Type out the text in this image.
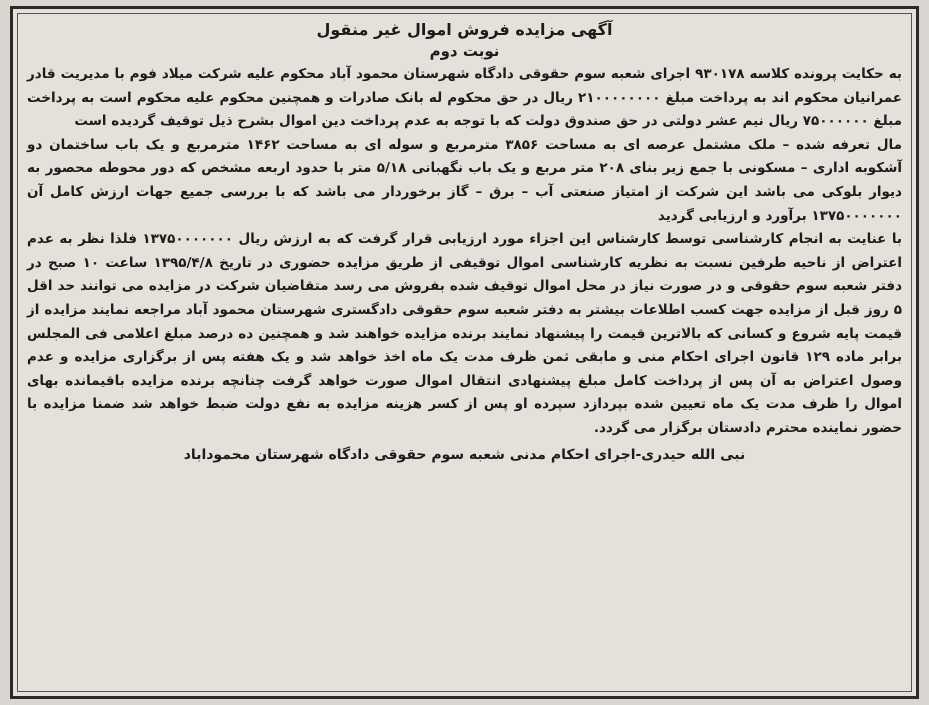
آگهی مزایده فروش اموال غیر منقول
نوبت دوم

به حکایت پرونده کلاسه ۹۳۰۱۷۸ اجرای شعبه سوم حقوقی دادگاه شهرستان محمود آباد محکوم علیه شرکت میلاد فوم با مدیریت قادر عمرانیان محکوم اند به پرداخت مبلغ ۲۱۰۰۰۰۰۰۰۰ ریال در حق محکوم له بانک صادرات و همچنین محکوم علیه محکوم است به پرداخت مبلغ ۷۵۰۰۰۰۰۰ ریال نیم عشر دولتی در حق صندوق دولت که با توجه به عدم پرداخت دین اموال بشرح ذیل توقیف گردیده است

مال تعرفه شده – ملک مشتمل عرصه ای به مساحت ۳۸۵۶ مترمربع و سوله ای به مساحت ۱۴۶۲ مترمربع و یک باب ساختمان دو آشکوبه اداری – مسکونی با جمع زیر بنای ۲۰۸ متر مربع و یک باب نگهبانی ۵/۱۸ متر با حدود اربعه مشخص که دور محوطه محصور به دیوار بلوکی می باشد این شرکت از امتیاز صنعتی آب – برق – گاز برخوردار می باشد که با بررسی جمیع جهات ارزش کامل آن ۱۳۷۵۰۰۰۰۰۰۰ برآورد و ارزیابی گردید

با عنایت به انجام کارشناسی توسط کارشناس این اجزاء مورد ارزیابی قرار گرفت که به ارزش ریال ۱۳۷۵۰۰۰۰۰۰۰ فلذا نظر به عدم اعتراض از ناحیه طرفین نسبت به نظریه کارشناسی اموال توقیفی از طریق مزایده حضوری در تاریخ ۱۳۹۵/۴/۸ ساعت ۱۰ صبح در دفتر شعبه سوم حقوقی و در صورت نیاز در محل اموال توقیف شده بفروش می رسد متقاضیان شرکت در مزایده می توانند حد اقل ۵ روز قبل از مزایده جهت کسب اطلاعات بیشتر به دفتر شعبه سوم حقوقی دادگستری شهرستان محمود آباد مراجعه نمایند مزایده از قیمت پایه شروع و کسانی که بالاترین قیمت را پیشنهاد نمایند برنده مزایده خواهند شد و همچنین ده درصد مبلغ اعلامی فی المجلس برابر ماده ۱۲۹ قانون اجرای احکام منی و مابقی ثمن ظرف مدت یک ماه اخذ خواهد شد و یک هفته پس از برگزاری مزایده و عدم وصول اعتراض به آن پس از پرداخت کامل مبلغ پیشنهادی انتقال اموال صورت خواهد گرفت چنانچه برنده مزایده باقیمانده بهای اموال را ظرف مدت یک ماه تعیین شده بپردازد سپرده او پس از کسر هزینه مزایده به نفع دولت ضبط خواهد شد ضمنا مزایده با حضور نماینده محترم دادستان برگزار می گردد.

نبی الله حیدری-اجرای احکام مدنی شعبه سوم حقوقی دادگاه شهرستان محموداباد
